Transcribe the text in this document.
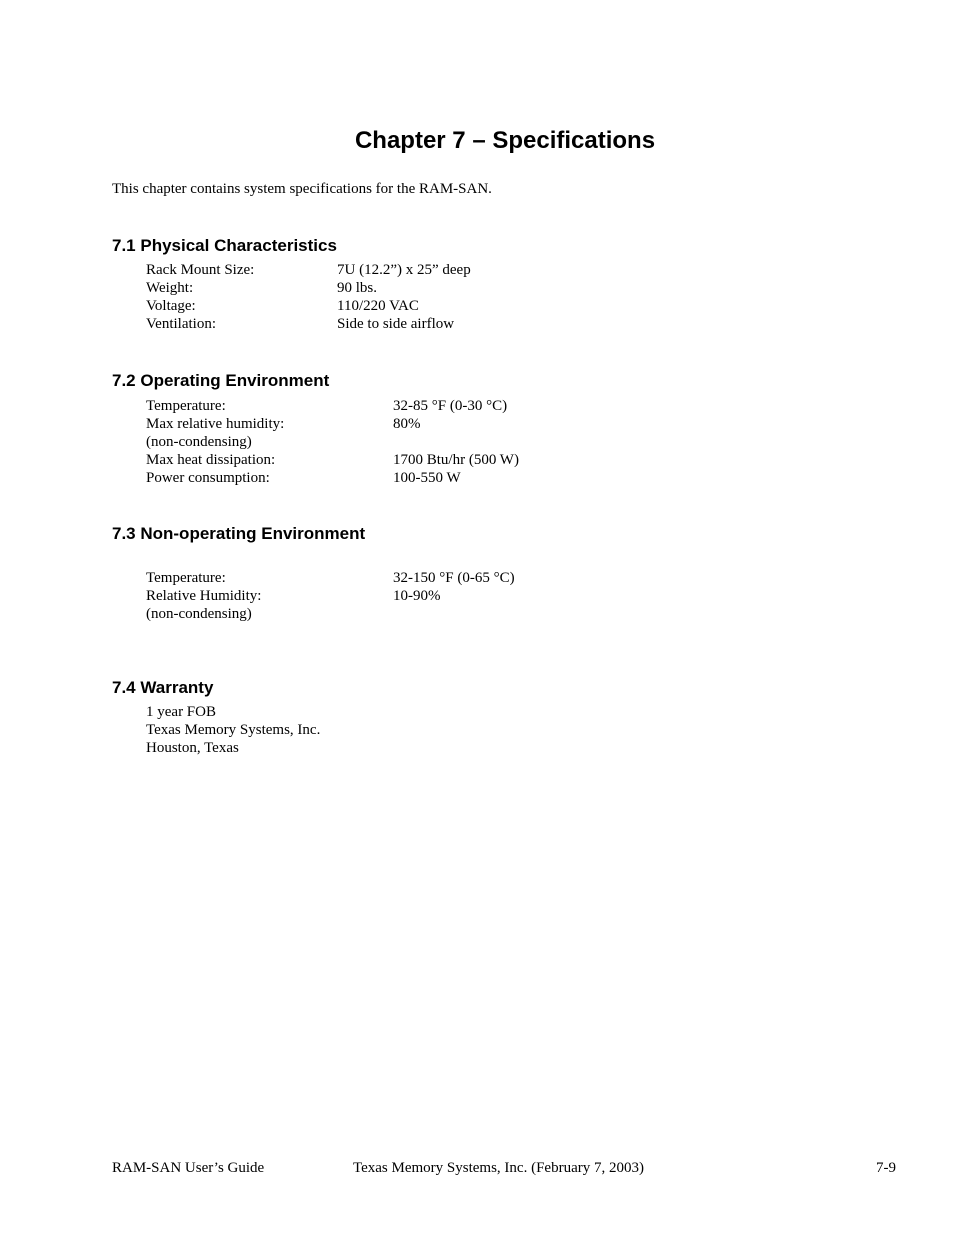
Chapter 7 – Specifications

This chapter contains system specifications for the RAM-SAN.

7.1 Physical Characteristics
Rack Mount Size:	7U (12.2”) x 25” deep
Weight:	90 lbs.
Voltage:	110/220 VAC
Ventilation:	Side to side airflow
7.2 Operating Environment
Temperature:	32-85 °F (0-30 °C)
Max relative humidity:	80%
(non-condensing)
Max heat dissipation:	1700 Btu/hr (500 W)
Power consumption:	100-550 W
7.3 Non-operating Environment
Temperature:	32-150 °F (0-65 °C)
Relative Humidity:	10-90%
(non-condensing)
7.4 Warranty
1 year FOB
Texas Memory Systems, Inc.
Houston, Texas

RAM-SAN User’s Guide	Texas Memory Systems, Inc. (February 7, 2003)	7-9
